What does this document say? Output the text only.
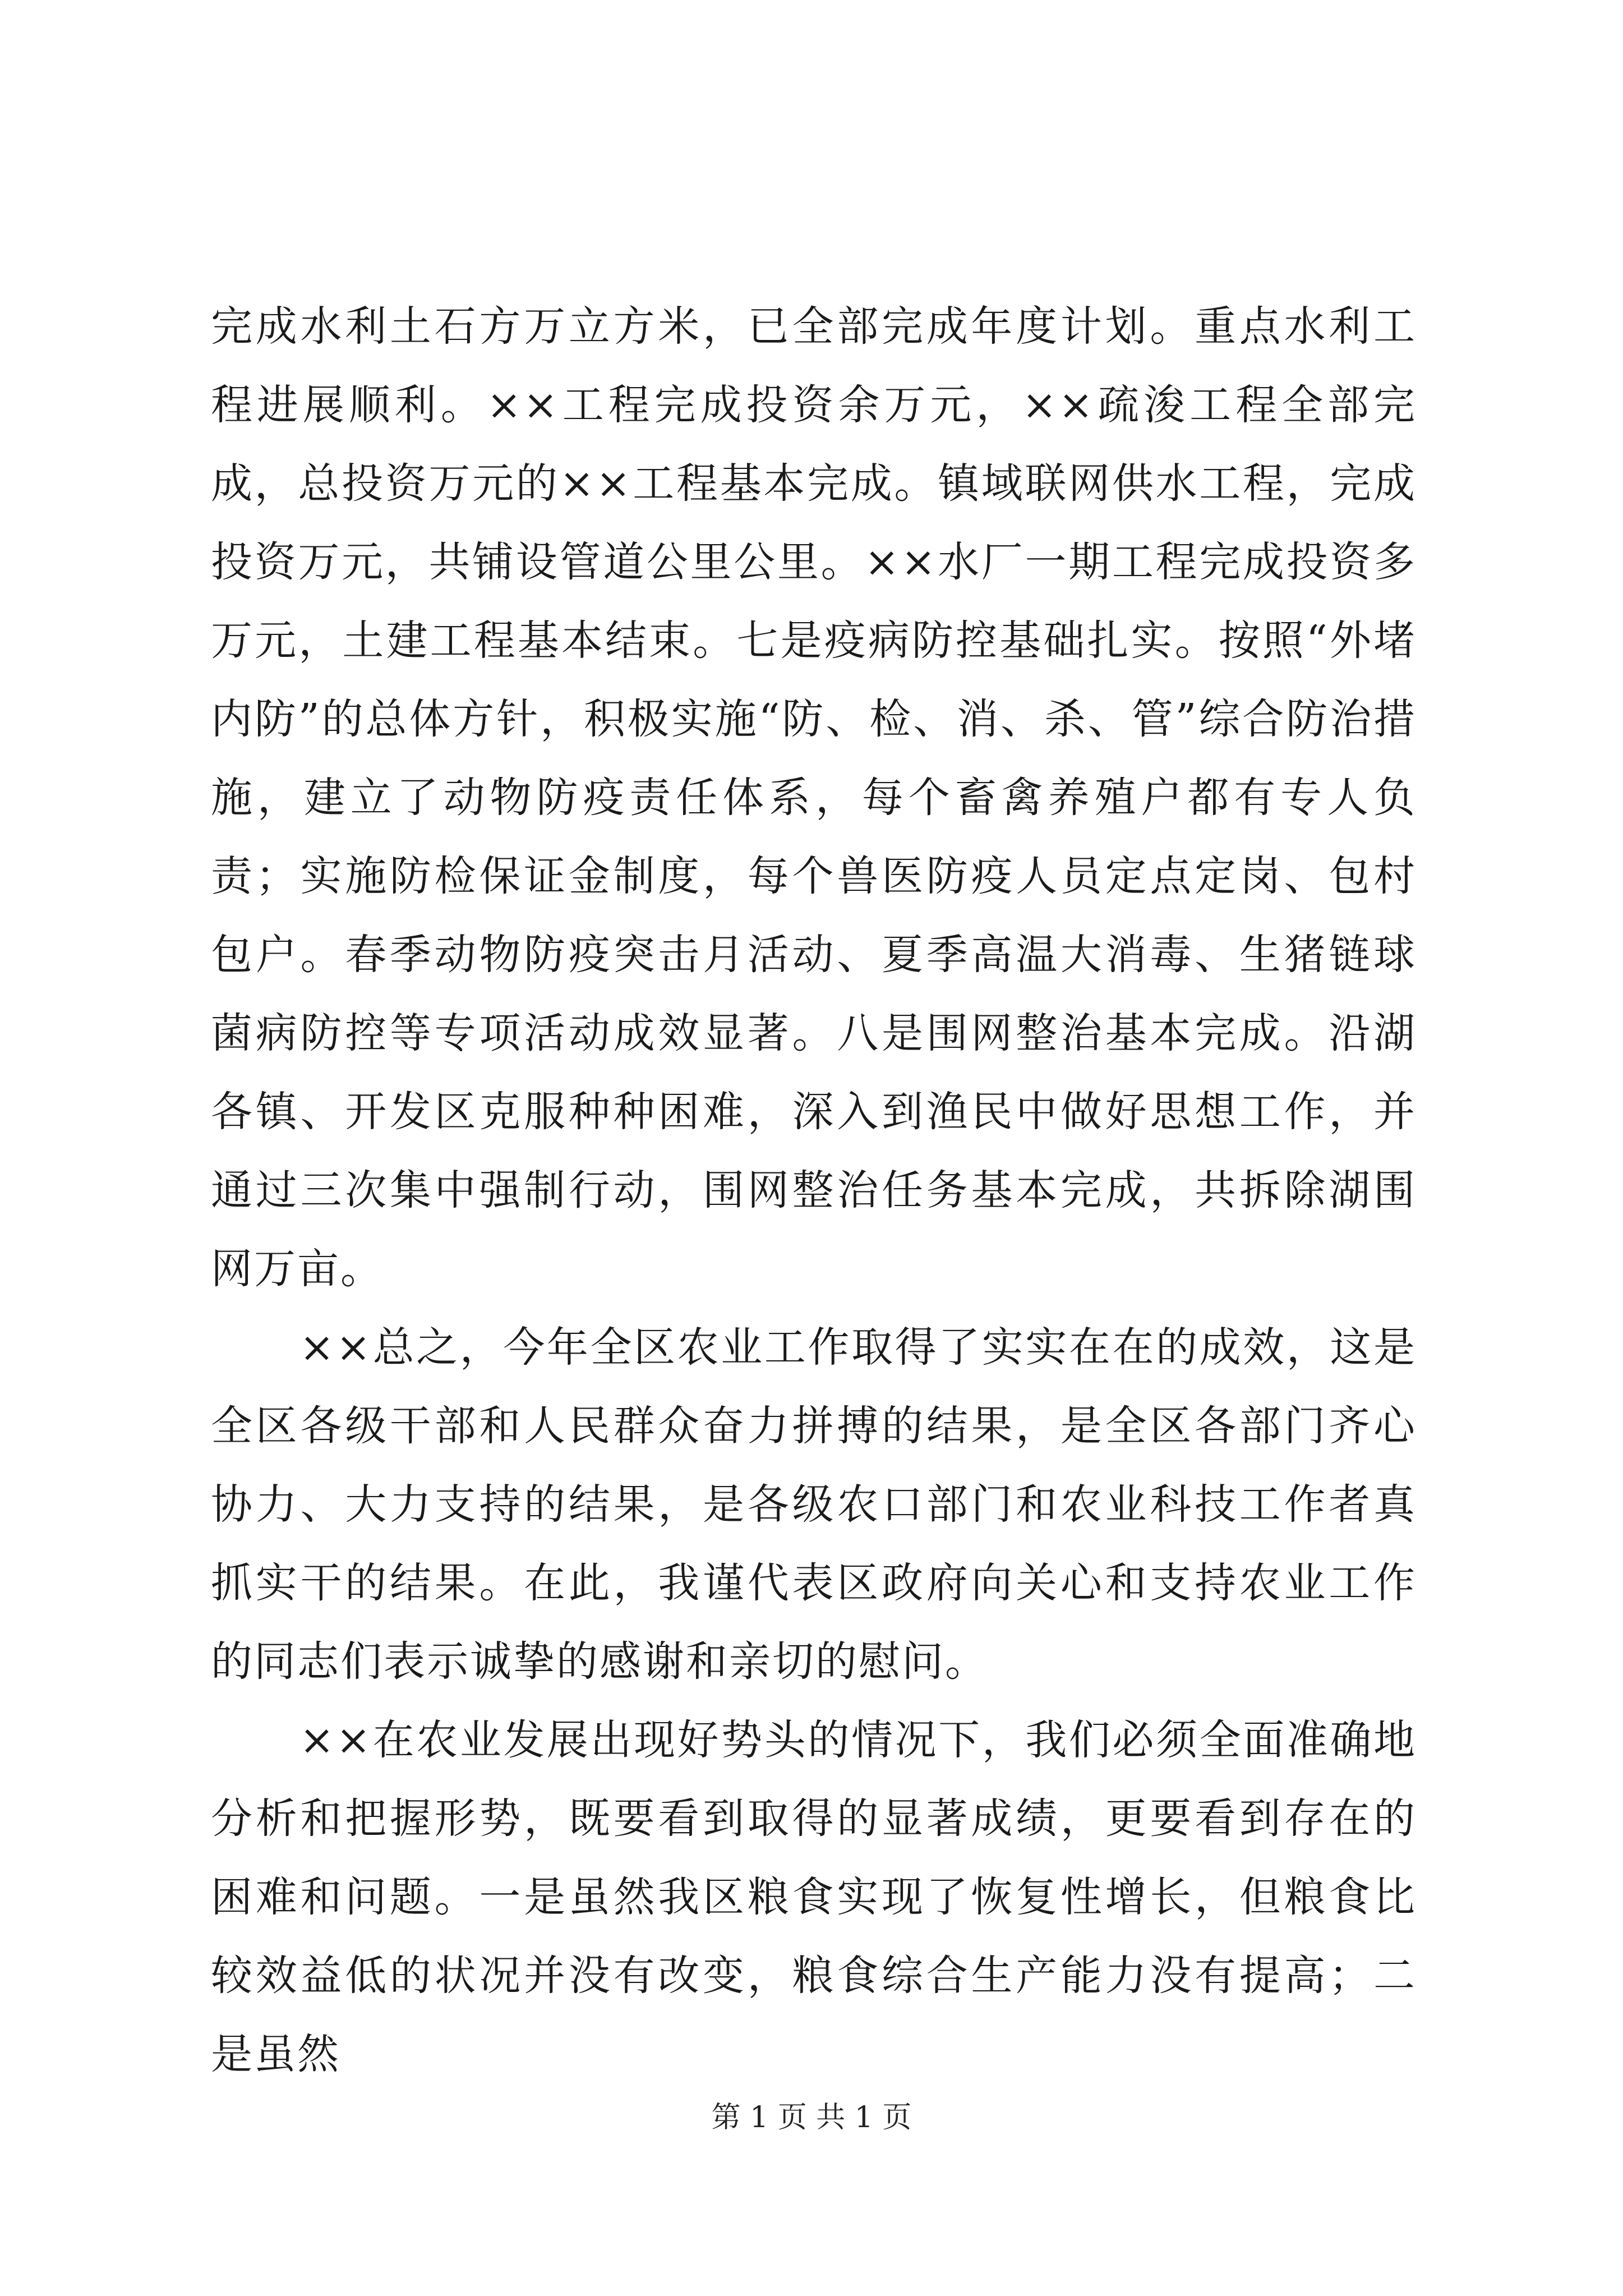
完成水利土石方万立方米，已全部完成年度计划。重点水利工程进展顺利。××工程完成投资余万元，××疏浚工程全部完成，总投资万元的××工程基本完成。镇域联网供水工程，完成投资万元，共铺设管道公里公里。××水厂一期工程完成投资多万元，土建工程基本结束。七是疫病防控基础扎实。按照“外堵内防”的总体方针，积极实施“防、检、消、杀、管”综合防治措施，建立了动物防疫责任体系，每个畜禽养殖户都有专人负责；实施防检保证金制度，每个兽医防疫人员定点定岗、包村包户。春季动物防疫突击月活动、夏季高温大消毒、生猪链球菌病防控等专项活动成效显著。八是围网整治基本完成。沿湖各镇、开发区克服种种困难，深入到渔民中做好思想工作，并通过三次集中强制行动，围网整治任务基本完成，共拆除湖围网万亩。

××总之，今年全区农业工作取得了实实在在的成效，这是全区各级干部和人民群众奋力拼搏的结果，是全区各部门齐心协力、大力支持的结果，是各级农口部门和农业科技工作者真抓实干的结果。在此，我谨代表区政府向关心和支持农业工作的同志们表示诚挚的感谢和亲切的慰问。

××在农业发展出现好势头的情况下，我们必须全面准确地分析和把握形势，既要看到取得的显著成绩，更要看到存在的困难和问题。一是虽然我区粮食实现了恢复性增长，但粮食比较效益低的状况并没有改变，粮食综合生产能力没有提高；二是虽然

第 1 页 共 1 页
